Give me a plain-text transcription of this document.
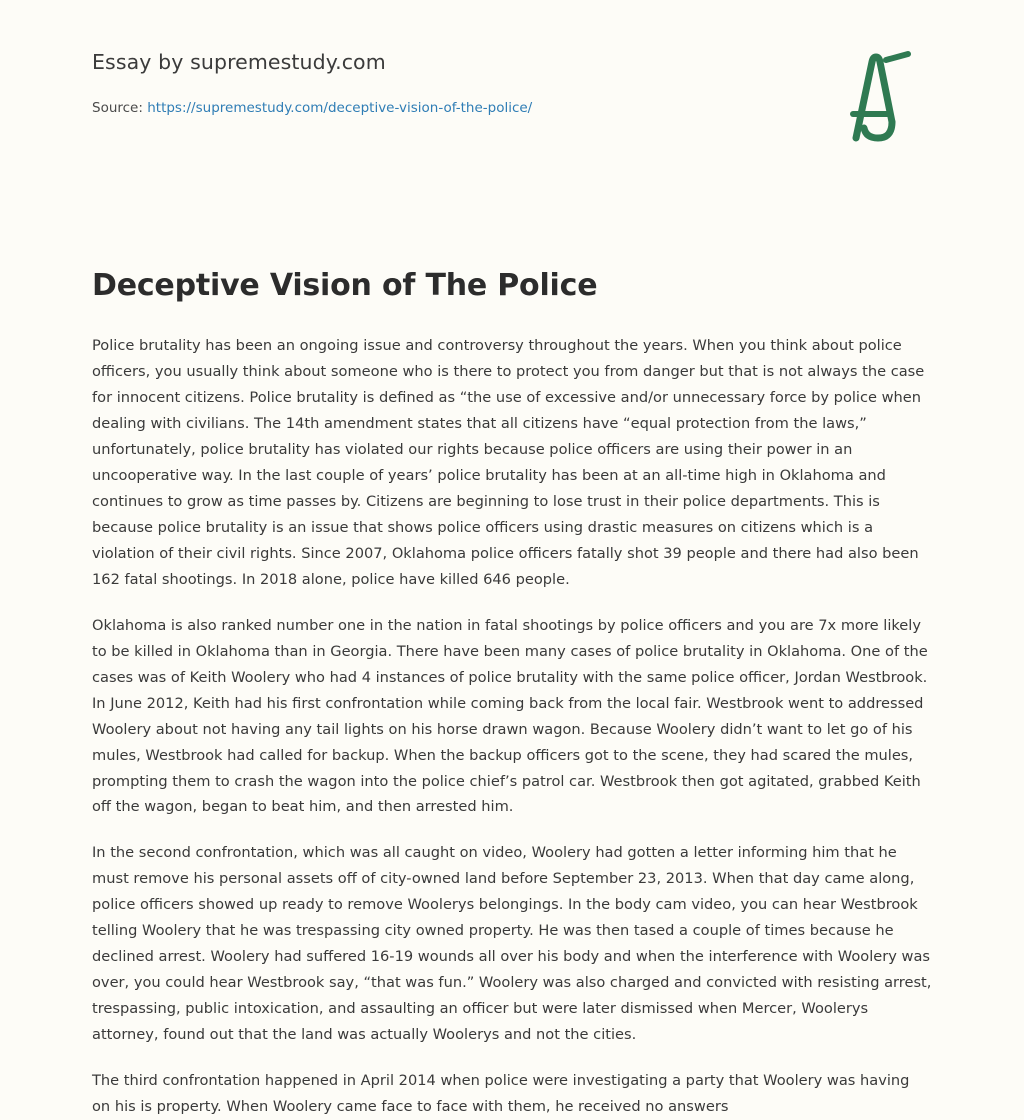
Essay by supremestudy.com
Source: https://supremestudy.com/deceptive-vision-of-the-police/
Deceptive Vision of The Police

Police brutality has been an ongoing issue and controversy throughout the years. When you think about police officers, you usually think about someone who is there to protect you from danger but that is not always the case for innocent citizens. Police brutality is defined as “the use of excessive and/or unnecessary force by police when dealing with civilians. The 14th amendment states that all citizens have “equal protection from the laws,” unfortunately, police brutality has violated our rights because police officers are using their power in an uncooperative way. In the last couple of years’ police brutality has been at an all-time high in Oklahoma and continues to grow as time passes by. Citizens are beginning to lose trust in their police departments. This is because police brutality is an issue that shows police officers using drastic measures on citizens which is a violation of their civil rights. Since 2007, Oklahoma police officers fatally shot 39 people and there had also been 162 fatal shootings. In 2018 alone, police have killed 646 people.

Oklahoma is also ranked number one in the nation in fatal shootings by police officers and you are 7x more likely to be killed in Oklahoma than in Georgia. There have been many cases of police brutality in Oklahoma. One of the cases was of Keith Woolery who had 4 instances of police brutality with the same police officer, Jordan Westbrook. In June 2012, Keith had his first confrontation while coming back from the local fair. Westbrook went to addressed Woolery about not having any tail lights on his horse drawn wagon. Because Woolery didn’t want to let go of his mules, Westbrook had called for backup. When the backup officers got to the scene, they had scared the mules, prompting them to crash the wagon into the police chief’s patrol car. Westbrook then got agitated, grabbed Keith off the wagon, began to beat him, and then arrested him.

In the second confrontation, which was all caught on video, Woolery had gotten a letter informing him that he must remove his personal assets off of city-owned land before September 23, 2013. When that day came along, police officers showed up ready to remove Woolerys belongings. In the body cam video, you can hear Westbrook telling Woolery that he was trespassing city owned property. He was then tased a couple of times because he declined arrest. Woolery had suffered 16-19 wounds all over his body and when the interference with Woolery was over, you could hear Westbrook say, “that was fun.” Woolery was also charged and convicted with resisting arrest, trespassing, public intoxication, and assaulting an officer but were later dismissed when Mercer, Woolerys attorney, found out that the land was actually Woolerys and not the cities.

The third confrontation happened in April 2014 when police were investigating a party that Woolery was having on his is property. When Woolery came face to face with them, he received no answers
